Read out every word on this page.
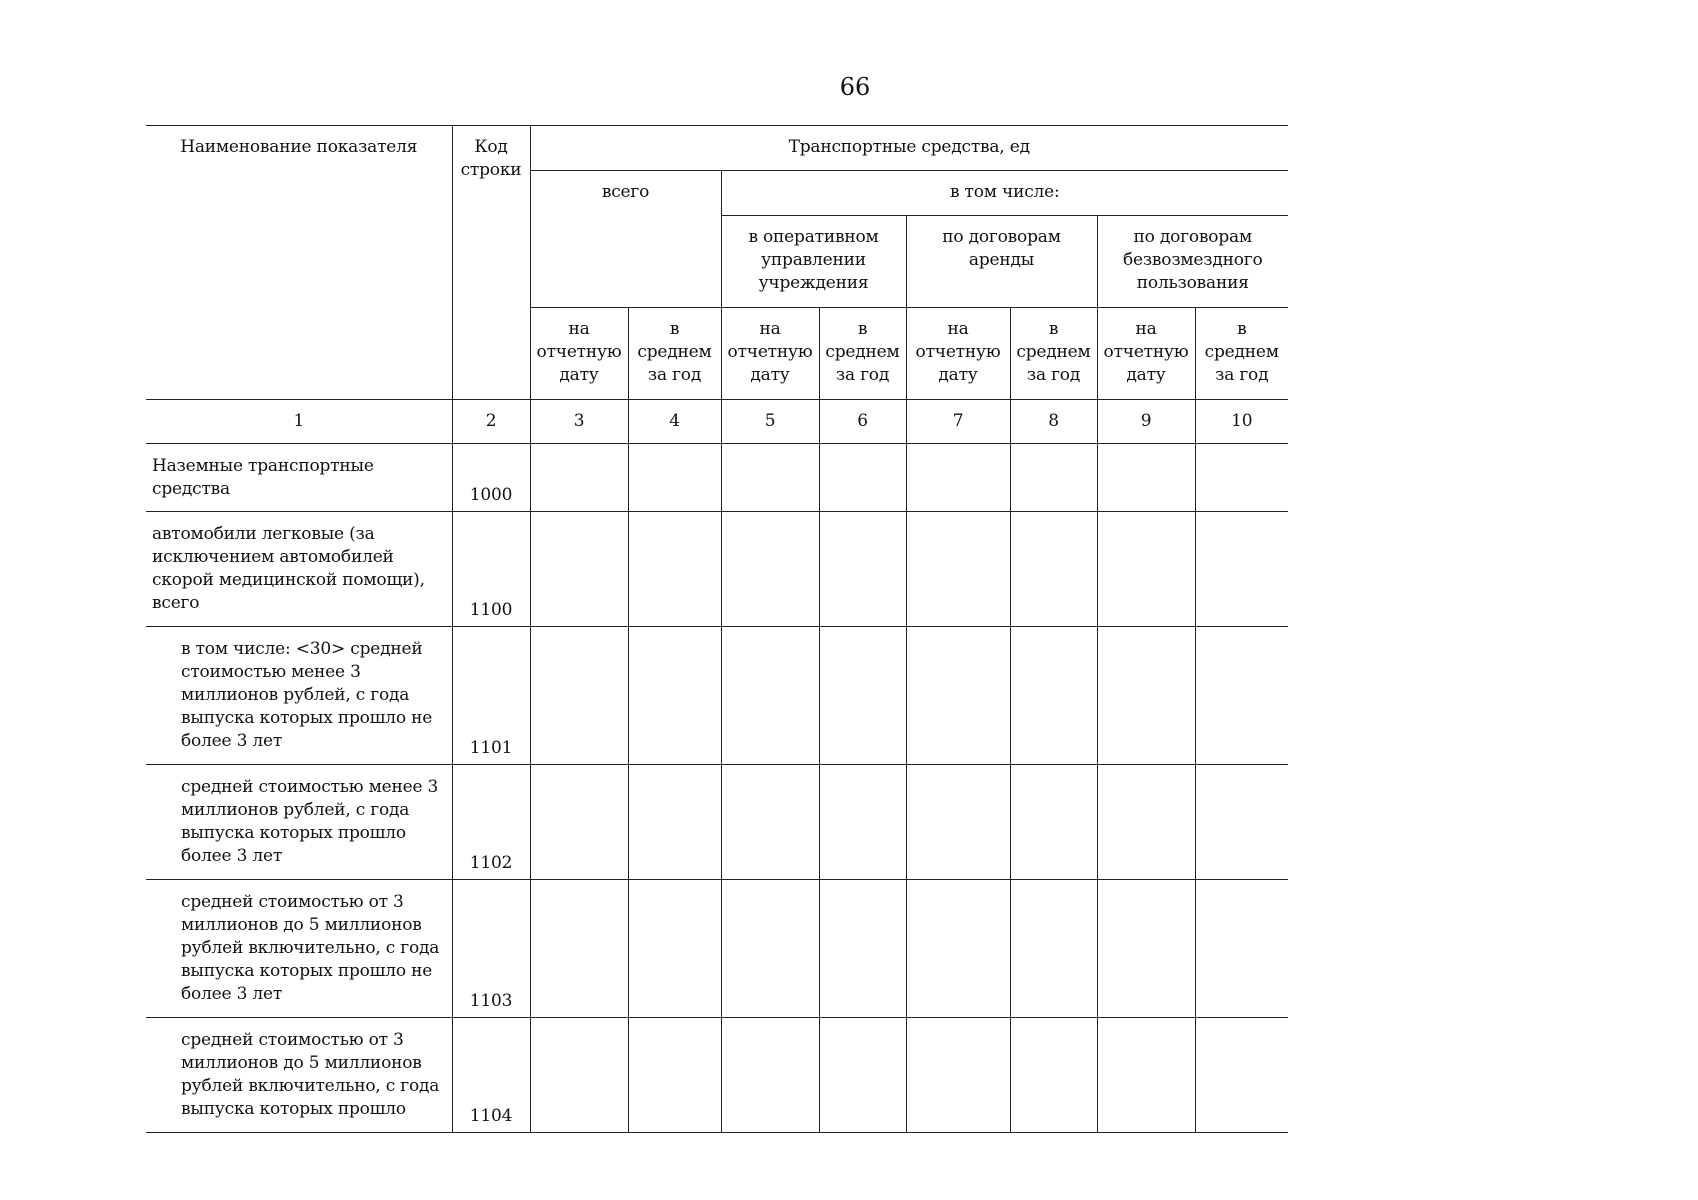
66
Наименование показателя	Код строки	Транспортные средства, ед							
		всего		в том числе:					
				в оперативном управлении учреждения		по договорам аренды		по договорам безвозмездного пользования	
		на отчетную дату	в среднем за год	на отчетную дату	в среднем за год	на отчетную дату	в среднем за год	на отчетную дату	в среднем за год
1	2	3	4	5	6	7	8	9	10
Наземные транспортные средства	1000								
автомобили легковые (за исключением автомобилей скорой медицинской помощи), всего	1100								
в том числе: <30> средней стоимостью менее 3 миллионов рублей, с года выпуска которых прошло не более 3 лет	1101								
средней стоимостью менее 3 миллионов рублей, с года выпуска которых прошло более 3 лет	1102								
средней стоимостью от 3 миллионов до 5 миллионов рублей включительно, с года выпуска которых прошло не более 3 лет	1103								
средней стоимостью от 3 миллионов до 5 миллионов рублей включительно, с года выпуска которых прошло	1104								
